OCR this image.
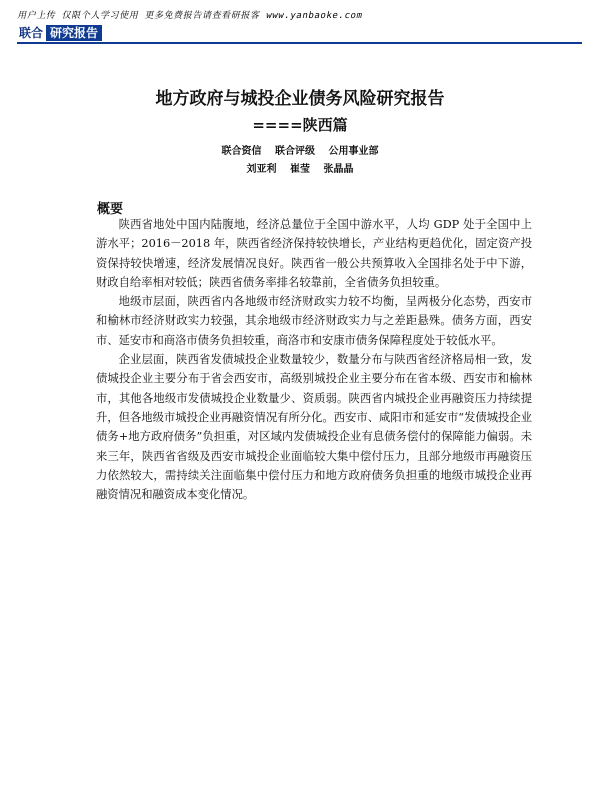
用户上传 仅限个人学习使用 更多免费报告请查看研报客 www.yanbaoke.com
联合 研究报告
地方政府与城投企业债务风险研究报告
====陕西篇
联合资信 联合评级 公用事业部
刘亚利 崔莹 张晶晶
概要

陕西省地处中国内陆腹地，经济总量位于全国中游水平，人均 GDP 处于全国中上游水平；2016－2018 年，陕西省经济保持较快增长，产业结构更趋优化，固定资产投资保持较快增速，经济发展情况良好。陕西省一般公共预算收入全国排名处于中下游，财政自给率相对较低；陕西省债务率排名较靠前，全省债务负担较重。

地级市层面，陕西省内各地级市经济财政实力较不均衡，呈两极分化态势，西安市和榆林市经济财政实力较强，其余地级市经济财政实力与之差距悬殊。债务方面，西安市、延安市和商洛市债务负担较重，商洛市和安康市债务保障程度处于较低水平。

企业层面，陕西省发债城投企业数量较少，数量分布与陕西省经济格局相一致，发债城投企业主要分布于省会西安市，高级别城投企业主要分布在省本级、西安市和榆林市，其他各地级市发债城投企业数量少、资质弱。陕西省内城投企业再融资压力持续提升，但各地级市城投企业再融资情况有所分化。西安市、咸阳市和延安市“发债城投企业债务+地方政府债务”负担重，对区域内发债城投企业有息债务偿付的保障能力偏弱。未来三年，陕西省省级及西安市城投企业面临较大集中偿付压力，且部分地级市再融资压力依然较大，需持续关注面临集中偿付压力和地方政府债务负担重的地级市城投企业再融资情况和融资成本变化情况。
